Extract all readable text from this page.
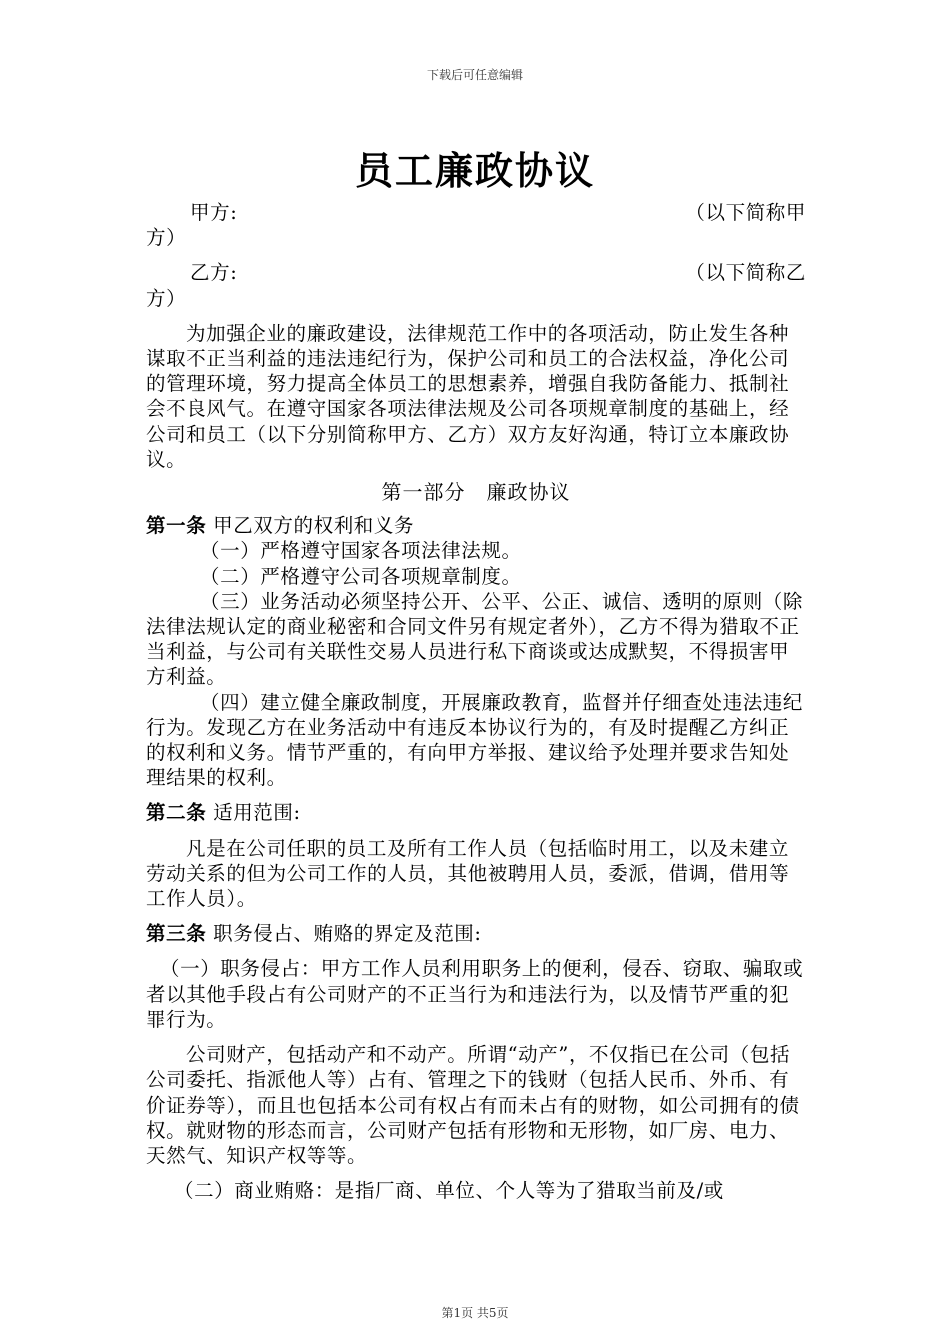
下载后可任意编辑
员工廉政协议
甲方:	（以下简称甲
方）
乙方:	（以下简称乙
方）

为加强企业的廉政建设，法律规范工作中的各项活动，防止发生各种谋取不正当利益的违法违纪行为，保护公司和员工的合法权益，净化公司的管理环境，努力提高全体员工的思想素养，增强自我防备能力、抵制社会不良风气。在遵守国家各项法律法规及公司各项规章制度的基础上，经公司和员工（以下分别简称甲方、乙方）双方友好沟通，特订立本廉政协议。

第一部分　廉政协议

第一条 甲乙双方的权利和义务

（一）严格遵守国家各项法律法规。

（二）严格遵守公司各项规章制度。

（三）业务活动必须坚持公开、公平、公正、诚信、透明的原则（除法律法规认定的商业秘密和合同文件另有规定者外），乙方不得为猎取不正当利益，与公司有关联性交易人员进行私下商谈或达成默契，不得损害甲方利益。

（四）建立健全廉政制度，开展廉政教育，监督并仔细查处违法违纪行为。发现乙方在业务活动中有违反本协议行为的，有及时提醒乙方纠正的权利和义务。情节严重的，有向甲方举报、建议给予处理并要求告知处理结果的权利。

第二条 适用范围:

凡是在公司任职的员工及所有工作人员（包括临时用工，以及未建立劳动关系的但为公司工作的人员，其他被聘用人员，委派，借调，借用等工作人员）。

第三条 职务侵占、贿赂的界定及范围:

（一）职务侵占：甲方工作人员利用职务上的便利，侵吞、窃取、骗取或者以其他手段占有公司财产的不正当行为和违法行为，以及情节严重的犯罪行为。

公司财产，包括动产和不动产。所谓“动产”，不仅指已在公司（包括公司委托、指派他人等）占有、管理之下的钱财（包括人民币、外币、有价证券等），而且也包括本公司有权占有而未占有的财物，如公司拥有的债权。就财物的形态而言，公司财产包括有形物和无形物，如厂房、电力、天然气、知识产权等等。

（二）商业贿赂：是指厂商、单位、个人等为了猎取当前及/或

第1页 共5页
